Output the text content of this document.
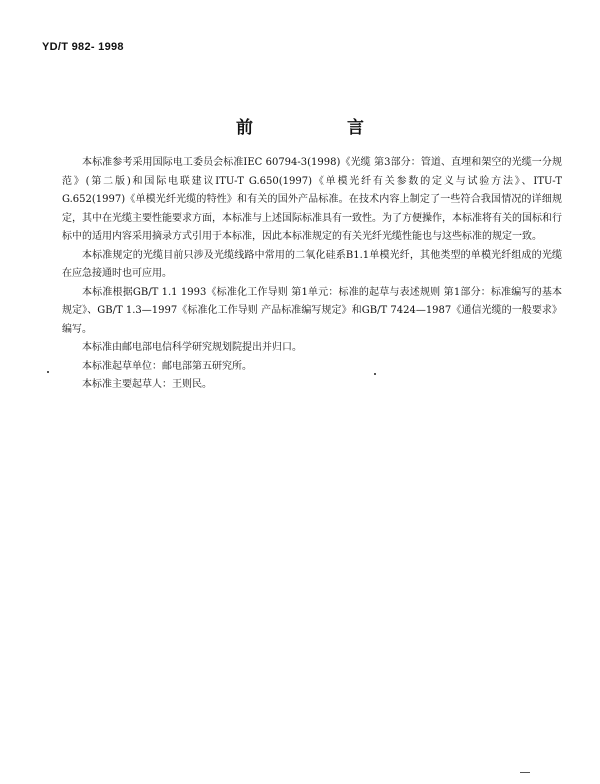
YD/T 982- 1998
前 言

本标准参考采用国际电工委员会标准IEC 60794-3(1998)《光缆 第3部分：管道、直埋和架空的光缆一分规范》(第二版)和国际电联建议ITU-T G.650(1997)《单模光纤有关参数的定义与试验方法》、ITU-T G.652(1997)《单模光纤光缆的特性》和有关的国外产品标准。在技术内容上制定了一些符合我国情况的详细规定，其中在光缆主要性能要求方面，本标准与上述国际标准具有一致性。为了方便操作，本标准将有关的国标和行标中的适用内容采用摘录方式引用于本标准，因此本标准规定的有关光纤光缆性能也与这些标准的规定一致。

本标准规定的光缆目前只涉及光缆线路中常用的二氧化硅系B1.1单模光纤，其他类型的单模光纤组成的光缆在应急接通时也可应用。

本标准根据GB/T 1.1 1993《标准化工作导则 第1单元：标准的起草与表述规则 第1部分：标准编写的基本规定》、GB/T 1.3—1997《标准化工作导则 产品标准编写规定》和GB/T 7424—1987《通信光缆的一般要求》编写。

本标准由邮电部电信科学研究规划院提出并归口。

本标准起草单位：邮电部第五研究所。

本标准主要起草人：王则民。
